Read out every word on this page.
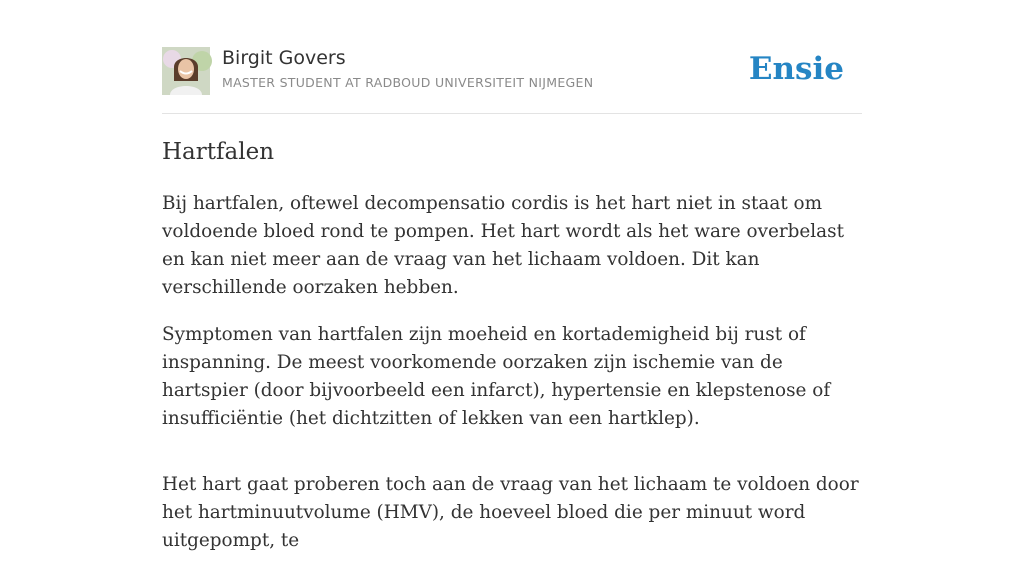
Birgit Govers
MASTER STUDENT AT RADBOUD UNIVERSITEIT NIJMEGEN	Ensie
Hartfalen

Bij hartfalen, oftewel decompensatio cordis is het hart niet in staat om voldoende bloed rond te pompen. Het hart wordt als het ware overbelast en kan niet meer aan de vraag van het lichaam voldoen. Dit kan verschillende oorzaken hebben.

Symptomen van hartfalen zijn moeheid en kortademigheid bij rust of inspanning. De meest voorkomende oorzaken zijn ischemie van de hartspier (door bijvoorbeeld een infarct), hypertensie en klepstenose of insufficiëntie (het dichtzitten of lekken van een hartklep).

Het hart gaat proberen toch aan de vraag van het lichaam te voldoen door het hartminuutvolume (HMV), de hoeveel bloed die per minuut word uitgepompt, te
